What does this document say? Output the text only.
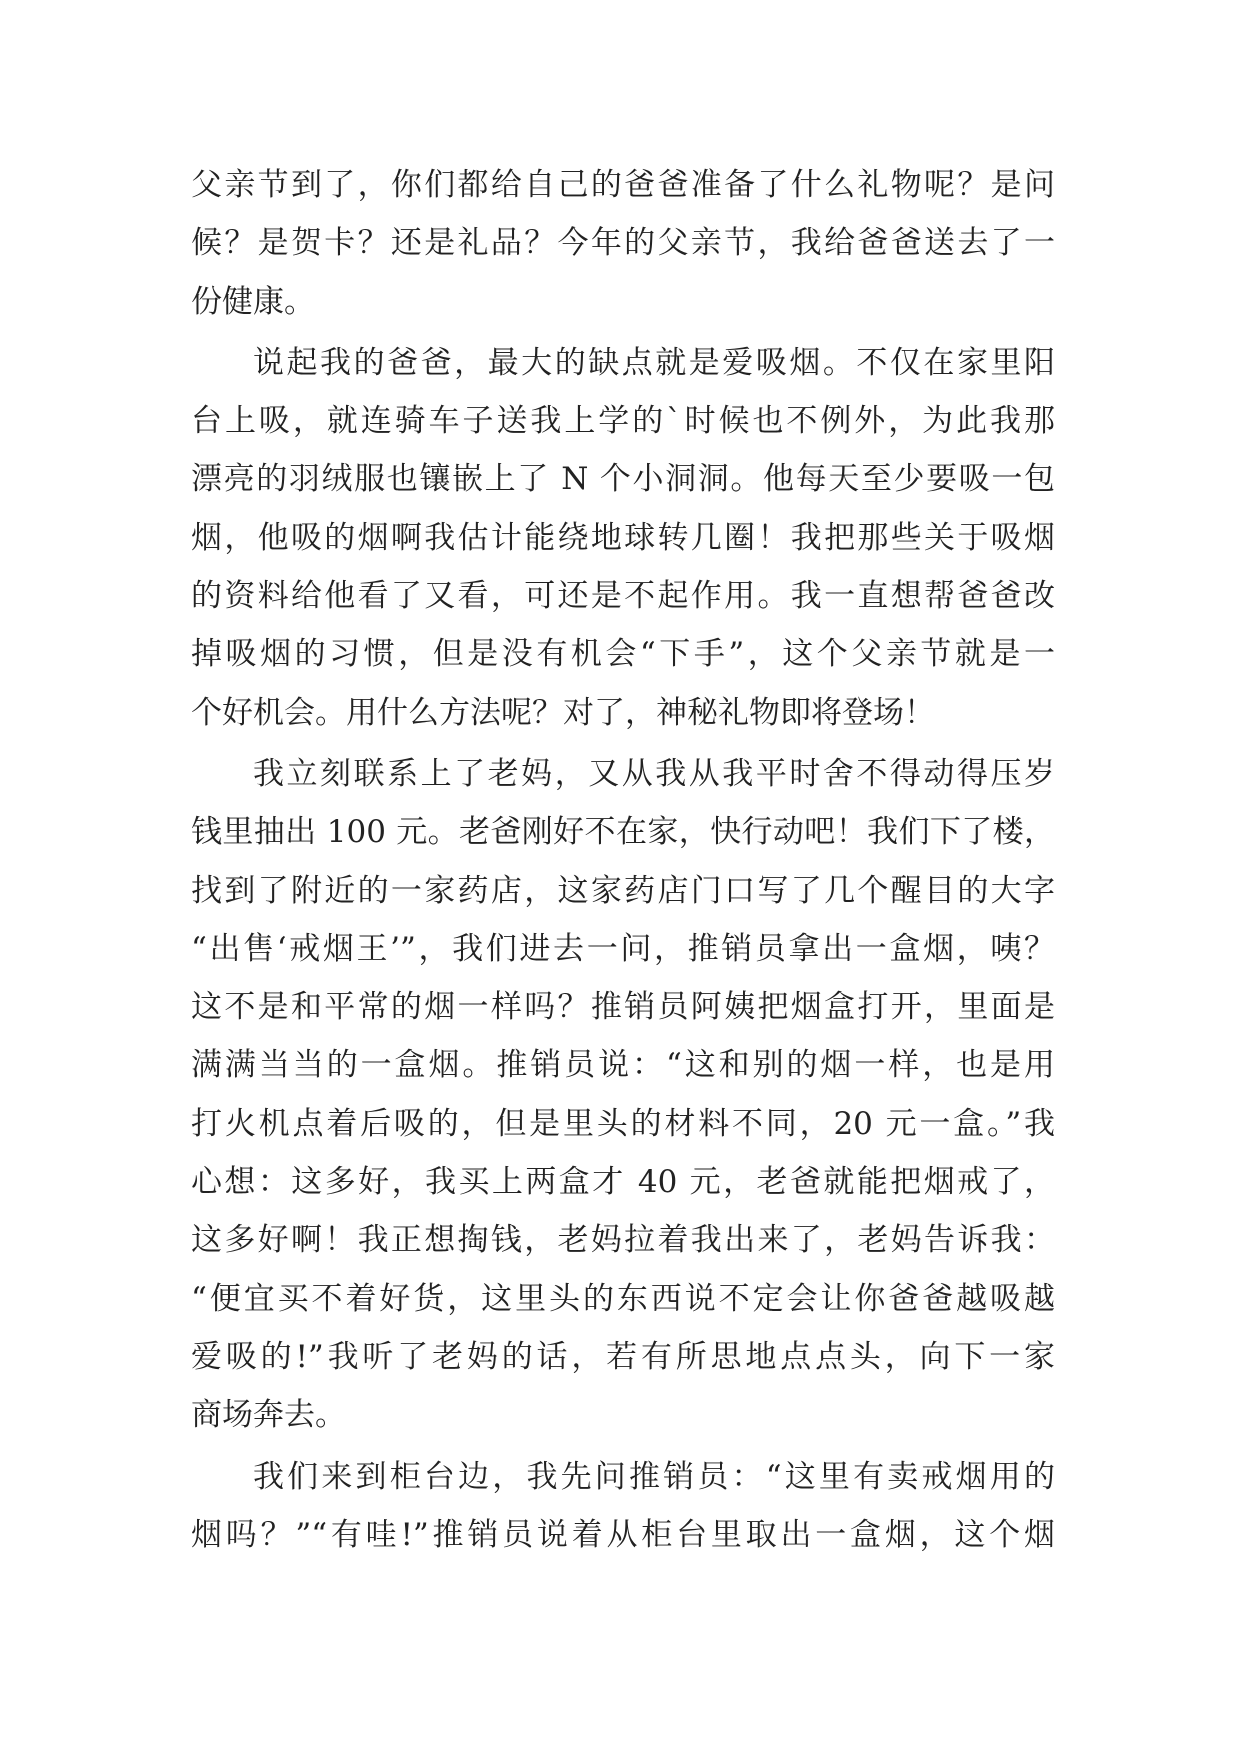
父亲节到了，你们都给自己的爸爸准备了什么礼物呢？是问
候？是贺卡？还是礼品？今年的父亲节，我给爸爸送去了一
份健康。
说起我的爸爸，最大的缺点就是爱吸烟。不仅在家里阳
台上吸，就连骑车子送我上学的`时候也不例外，为此我那
漂亮的羽绒服也镶嵌上了 N 个小洞洞。他每天至少要吸一包
烟，他吸的烟啊我估计能绕地球转几圈！我把那些关于吸烟
的资料给他看了又看，可还是不起作用。我一直想帮爸爸改
掉吸烟的习惯，但是没有机会“下手”，这个父亲节就是一
个好机会。用什么方法呢？对了，神秘礼物即将登场！
我立刻联系上了老妈，又从我从我平时舍不得动得压岁
钱里抽出 100 元。老爸刚好不在家，快行动吧！我们下了楼，
找到了附近的一家药店，这家药店门口写了几个醒目的大字
“出售‘戒烟王’”，我们进去一问，推销员拿出一盒烟，咦？
这不是和平常的烟一样吗？推销员阿姨把烟盒打开，里面是
满满当当的一盒烟。推销员说：“这和别的烟一样，也是用
打火机点着后吸的，但是里头的材料不同，20 元一盒。”我
心想：这多好，我买上两盒才 40 元，老爸就能把烟戒了，
这多好啊！我正想掏钱，老妈拉着我出来了，老妈告诉我：
“便宜买不着好货，这里头的东西说不定会让你爸爸越吸越
爱吸的!”我听了老妈的话，若有所思地点点头，向下一家
商场奔去。
我们来到柜台边，我先问推销员：“这里有卖戒烟用的
烟吗？”“有哇!”推销员说着从柜台里取出一盒烟，这个烟
